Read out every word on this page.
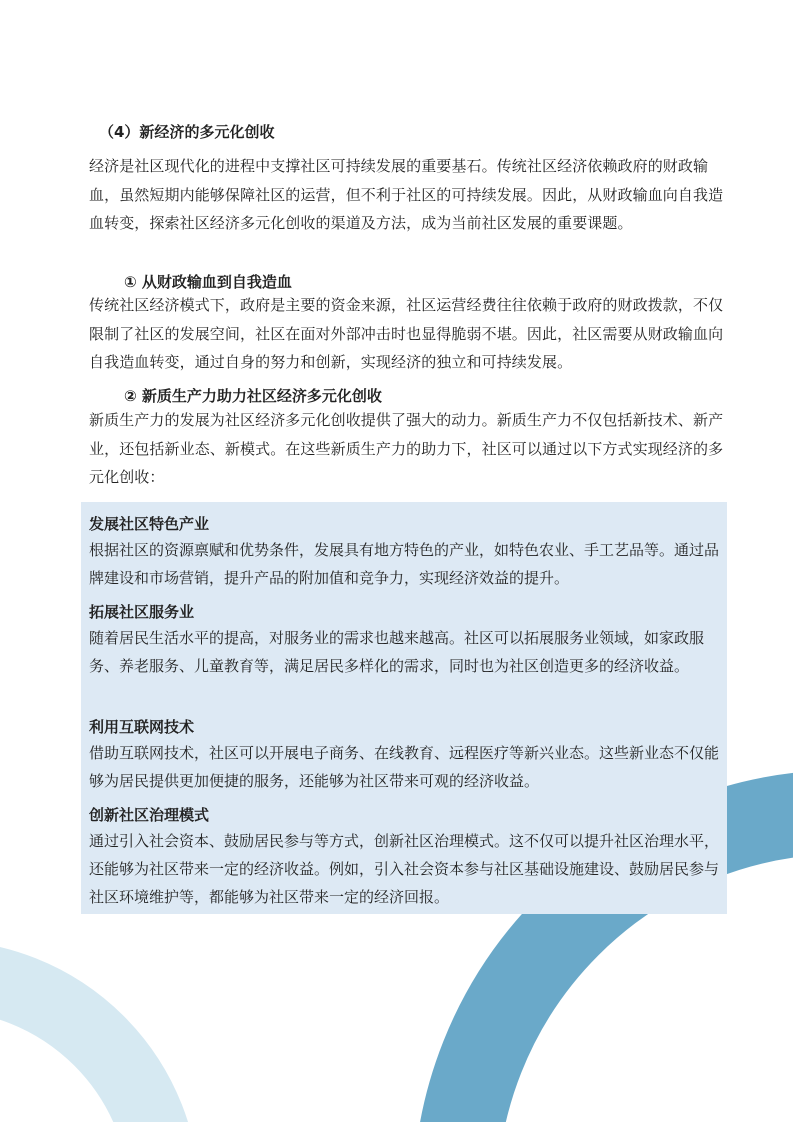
（4）新经济的多元化创收

经济是社区现代化的进程中支撑社区可持续发展的重要基石。传统社区经济依赖政府的财政输血，虽然短期内能够保障社区的运营，但不利于社区的可持续发展。因此，从财政输血向自我造血转变，探索社区经济多元化创收的渠道及方法，成为当前社区发展的重要课题。

① 从财政输血到自我造血

传统社区经济模式下，政府是主要的资金来源，社区运营经费往往依赖于政府的财政拨款，不仅限制了社区的发展空间，社区在面对外部冲击时也显得脆弱不堪。因此，社区需要从财政输血向自我造血转变，通过自身的努力和创新，实现经济的独立和可持续发展。

② 新质生产力助力社区经济多元化创收

新质生产力的发展为社区经济多元化创收提供了强大的动力。新质生产力不仅包括新技术、新产业，还包括新业态、新模式。在这些新质生产力的助力下，社区可以通过以下方式实现经济的多元化创收：

发展社区特色产业

根据社区的资源禀赋和优势条件，发展具有地方特色的产业，如特色农业、手工艺品等。通过品牌建设和市场营销，提升产品的附加值和竞争力，实现经济效益的提升。

拓展社区服务业

随着居民生活水平的提高，对服务业的需求也越来越高。社区可以拓展服务业领域，如家政服务、养老服务、儿童教育等，满足居民多样化的需求，同时也为社区创造更多的经济收益。

利用互联网技术

借助互联网技术，社区可以开展电子商务、在线教育、远程医疗等新兴业态。这些新业态不仅能够为居民提供更加便捷的服务，还能够为社区带来可观的经济收益。

创新社区治理模式

通过引入社会资本、鼓励居民参与等方式，创新社区治理模式。这不仅可以提升社区治理水平，还能够为社区带来一定的经济收益。例如，引入社会资本参与社区基础设施建设、鼓励居民参与社区环境维护等，都能够为社区带来一定的经济回报。
